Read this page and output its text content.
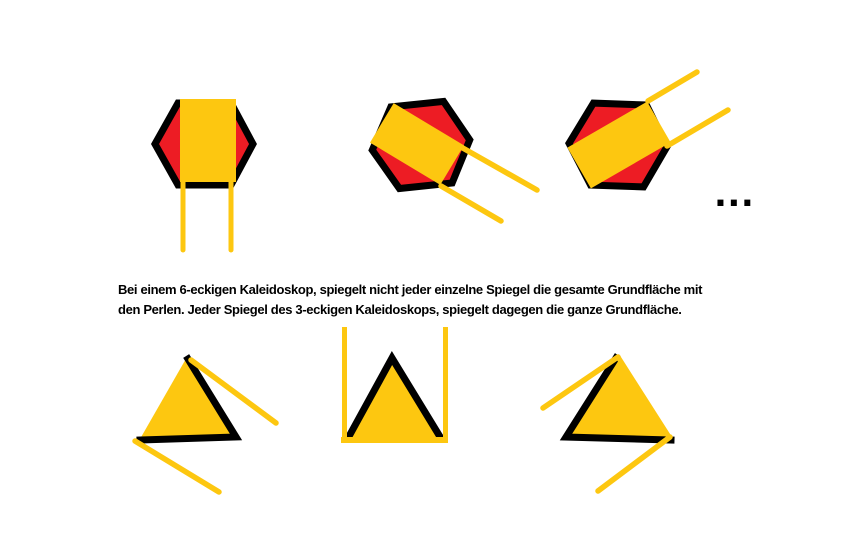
...

Bei einem 6-eckigen Kaleidoskop, spiegelt nicht jeder einzelne Spiegel die gesamte Grundfläche mit
den Perlen. Jeder Spiegel des 3-eckigen Kaleidoskops, spiegelt dagegen die ganze Grundfläche.
